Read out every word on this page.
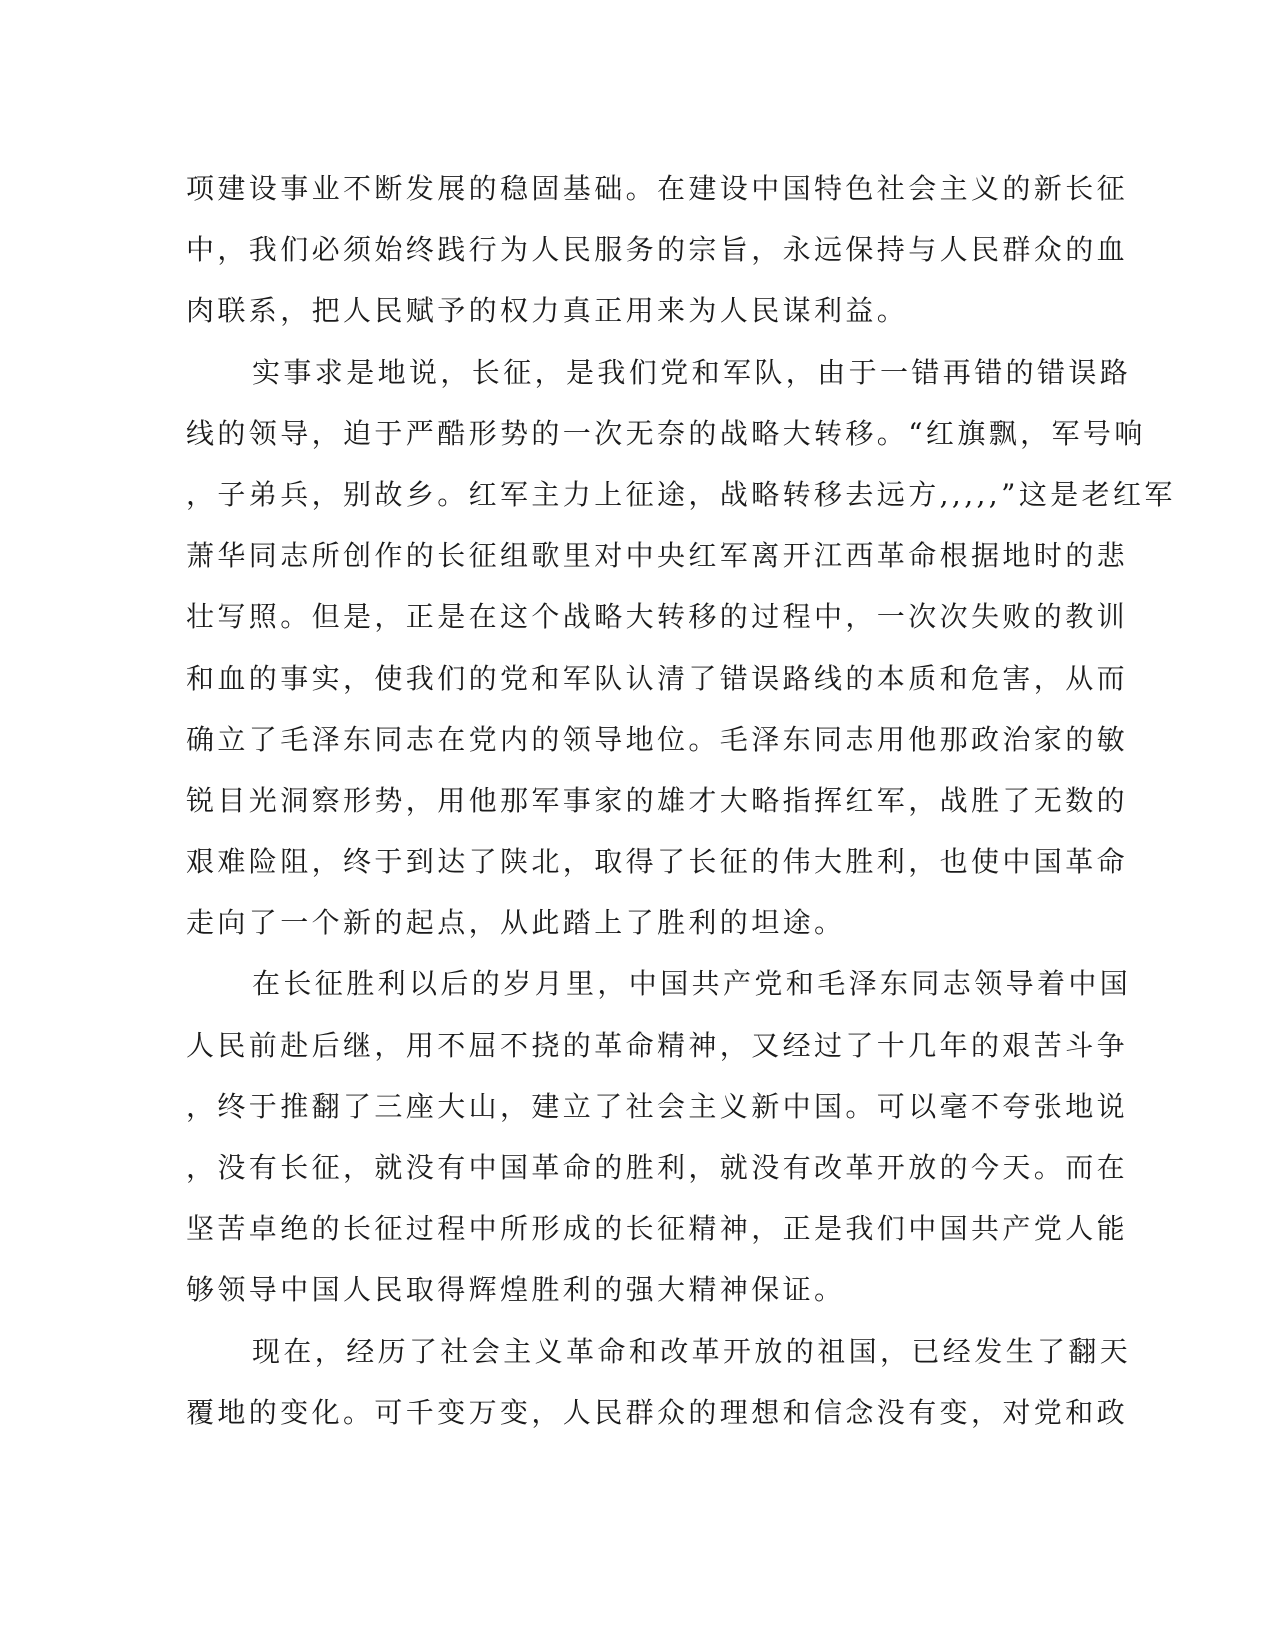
项建设事业不断发展的稳固基础。在建设中国特色社会主义的新长征
中，我们必须始终践行为人民服务的宗旨，永远保持与人民群众的血
肉联系，把人民赋予的权力真正用来为人民谋利益。
实事求是地说，长征，是我们党和军队，由于一错再错的错误路
线的领导，迫于严酷形势的一次无奈的战略大转移。“红旗飘，军号响
，子弟兵，别故乡。红军主力上征途，战略转移去远方,,,,,”这是老红军
萧华同志所创作的长征组歌里对中央红军离开江西革命根据地时的悲
壮写照。但是，正是在这个战略大转移的过程中，一次次失败的教训
和血的事实，使我们的党和军队认清了错误路线的本质和危害，从而
确立了毛泽东同志在党内的领导地位。毛泽东同志用他那政治家的敏
锐目光洞察形势，用他那军事家的雄才大略指挥红军，战胜了无数的
艰难险阻，终于到达了陕北，取得了长征的伟大胜利，也使中国革命
走向了一个新的起点，从此踏上了胜利的坦途。
在长征胜利以后的岁月里，中国共产党和毛泽东同志领导着中国
人民前赴后继，用不屈不挠的革命精神，又经过了十几年的艰苦斗争
，终于推翻了三座大山，建立了社会主义新中国。可以毫不夸张地说
，没有长征，就没有中国革命的胜利，就没有改革开放的今天。而在
坚苦卓绝的长征过程中所形成的长征精神，正是我们中国共产党人能
够领导中国人民取得辉煌胜利的强大精神保证。
现在，经历了社会主义革命和改革开放的祖国，已经发生了翻天
覆地的变化。可千变万变，人民群众的理想和信念没有变，对党和政
